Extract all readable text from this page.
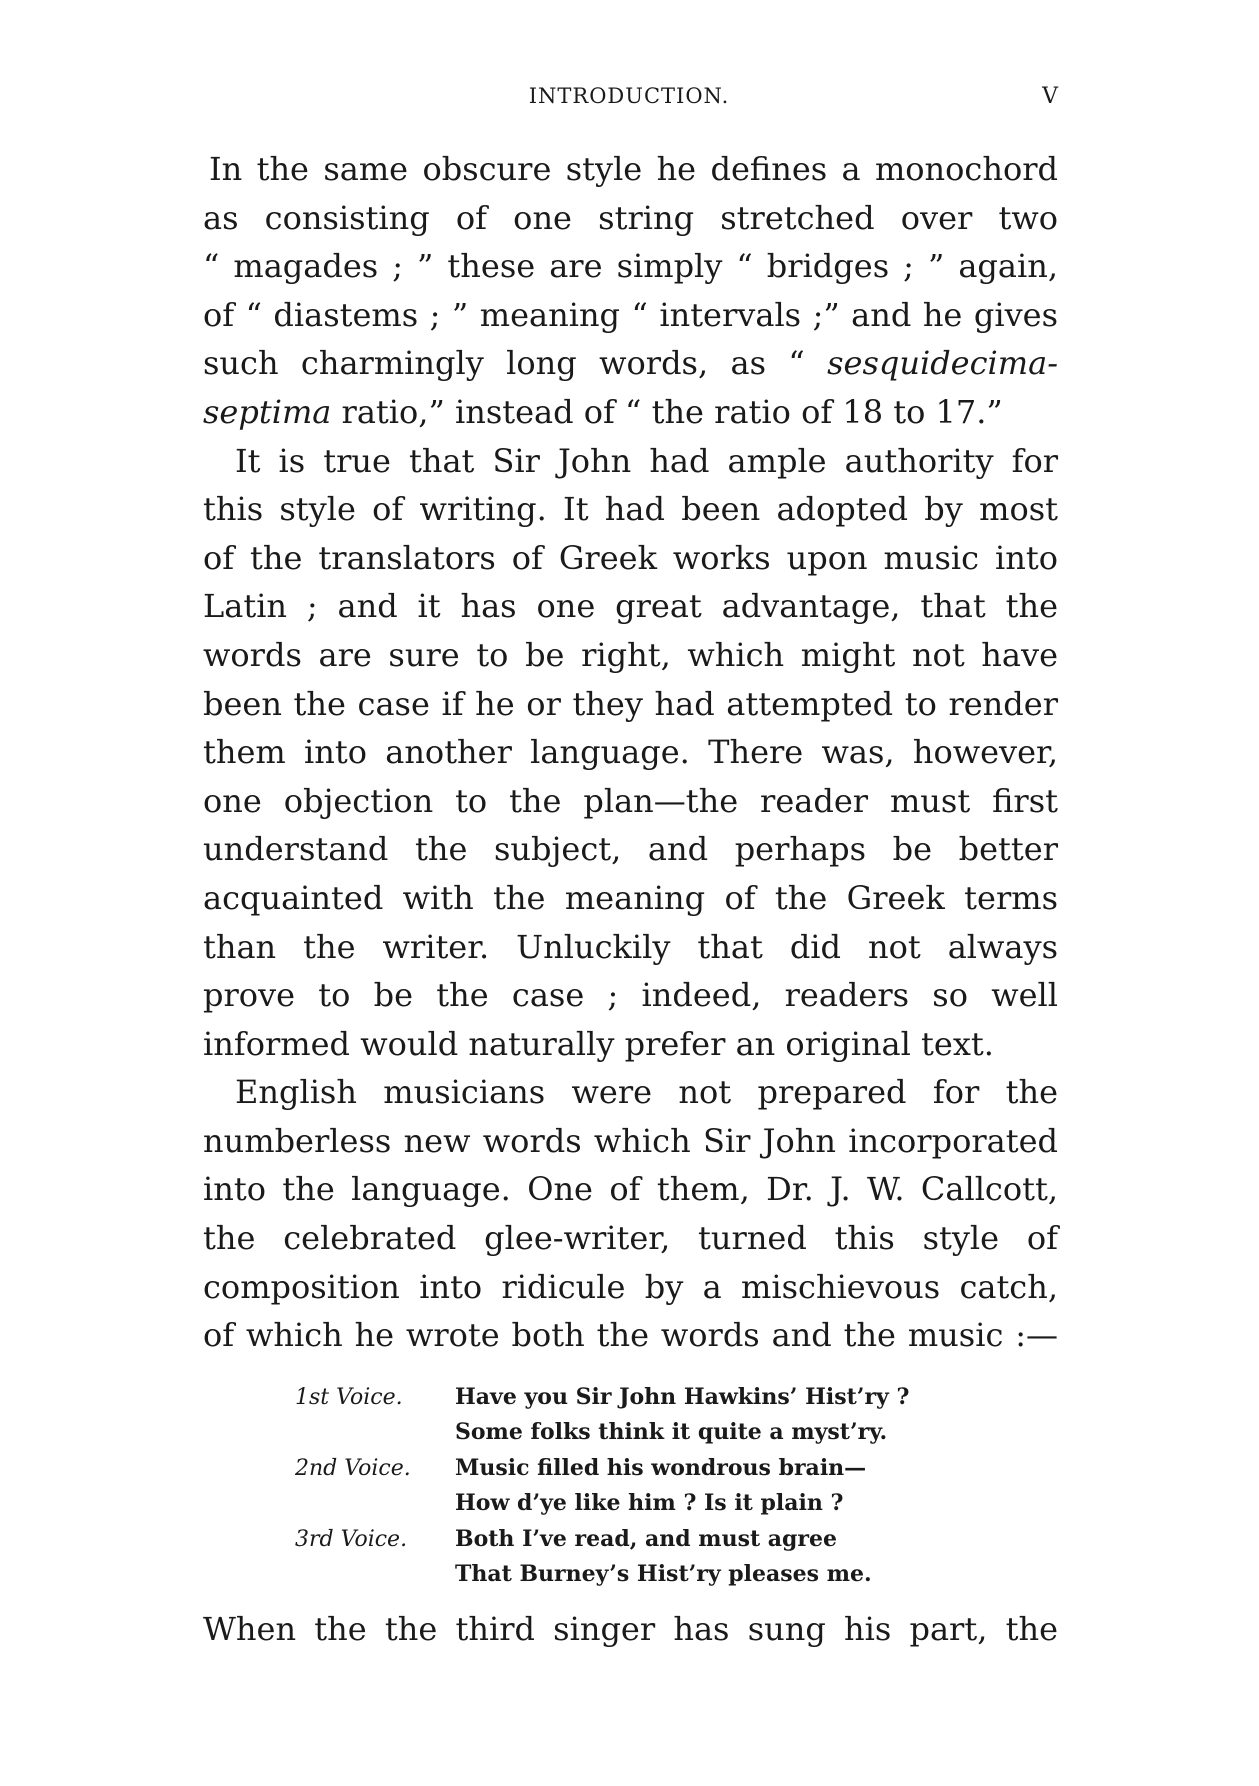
INTRODUCTION.	V
In the same obscure style he defines a monochord
as consisting of one string stretched over two
“ magades ; ” these are simply “ bridges ; ” again,
of “ diastems ; ” meaning “ intervals ;” and he gives
such charmingly long words, as “ sesquidecima-
septima ratio,” instead of “ the ratio of 18 to 17.”
It is true that Sir John had ample authority for
this style of writing. It had been adopted by most
of the translators of Greek works upon music into
Latin ; and it has one great advantage, that the
words are sure to be right, which might not have
been the case if he or they had attempted to render
them into another language. There was, however,
one objection to the plan—the reader must first
understand the subject, and perhaps be better
acquainted with the meaning of the Greek terms
than the writer. Unluckily that did not always
prove to be the case ; indeed, readers so well
informed would naturally prefer an original text.
English musicians were not prepared for the
numberless new words which Sir John incorporated
into the language. One of them, Dr. J. W. Callcott,
the celebrated glee-writer, turned this style of
composition into ridicule by a mischievous catch,
of which he wrote both the words and the music :—
1st Voice.	Have you Sir John Hawkins’ Hist’ry ?
Some folks think it quite a myst’ry.
2nd Voice.	Music filled his wondrous brain—
How d’ye like him ? Is it plain ?
3rd Voice.	Both I’ve read, and must agree
That Burney’s Hist’ry pleases me.
When the the third singer has sung his part, the
